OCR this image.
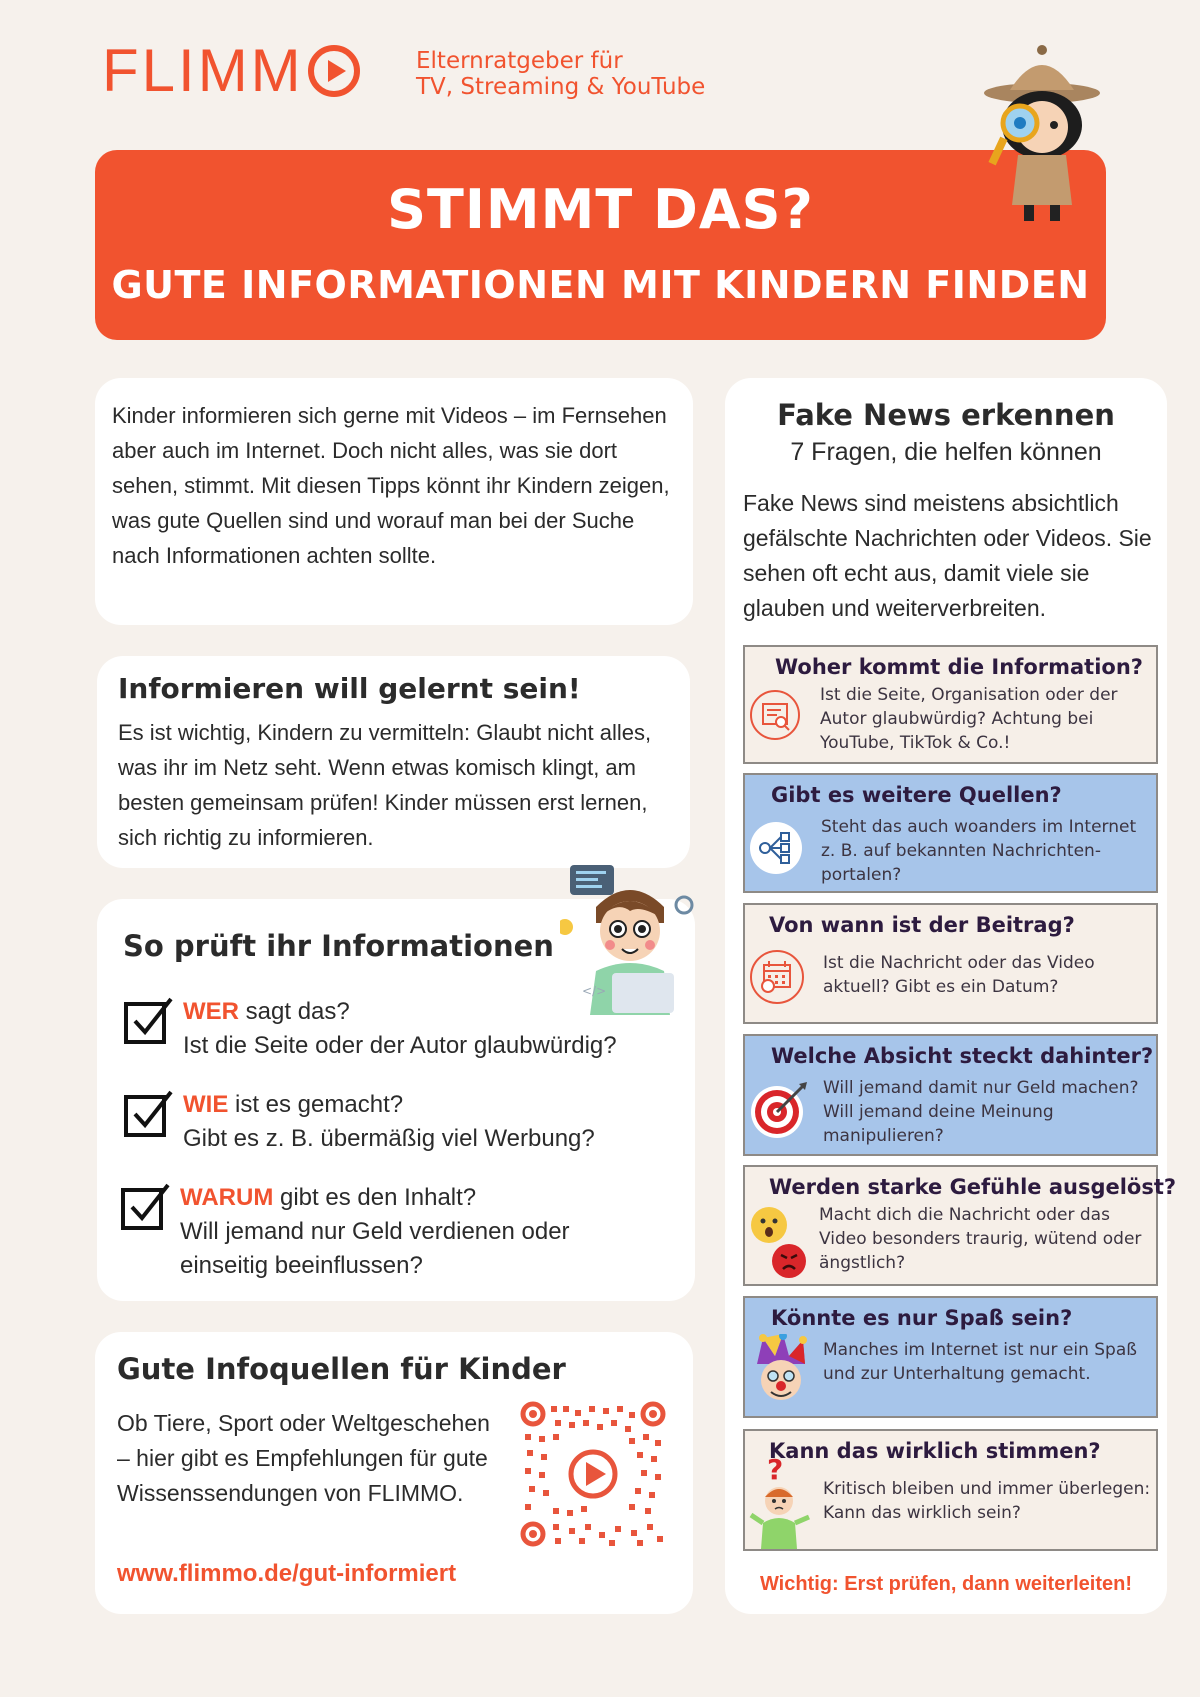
FLIMM	Elternratgeber für
TV, Streaming & YouTube
STIMMT DAS?
GUTE INFORMATIONEN MIT KINDERN FINDEN

Kinder informieren sich gerne mit Videos – im Fernsehen aber auch im Internet. Doch nicht alles, was sie dort sehen, stimmt. Mit diesen Tipps könnt ihr Kindern zeigen, was gute Quellen sind und worauf man bei der Suche nach Informationen achten sollte.

Informieren will gelernt sein!

Es ist wichtig, Kindern zu vermitteln: Glaubt nicht alles, was ihr im Netz seht. Wenn etwas komisch klingt, am besten gemeinsam prüfen! Kinder müssen erst lernen, sich richtig zu informieren.

So prüft ihr Informationen
WER sagt das?
Ist die Seite oder der Autor glaubwürdig?
WIE ist es gemacht?
Gibt es z. B. übermäßig viel Werbung?
WARUM gibt es den Inhalt?
Will jemand nur Geld verdienen oder einseitig beeinflussen?
</>
Gute Infoquellen für Kinder

Ob Tiere, Sport oder Weltgeschehen – hier gibt es Empfehlungen für gute Wissenssendungen von FLIMMO.

www.flimmo.de/gut-informiert
Fake News erkennen
7 Fragen, die helfen können
Fake News sind meistens absichtlich gefälschte Nachrichten oder Videos. Sie sehen oft echt aus, damit viele sie glauben und weiterverbreiten.
Woher kommt die Information?
Ist die Seite, Organisation oder der Autor glaubwürdig? Achtung bei YouTube, TikTok & Co.!
Gibt es weitere Quellen?
Steht das auch woanders im Internet z. B. auf bekannten Nachrichten-portalen?
Von wann ist der Beitrag?
Ist die Nachricht oder das Video aktuell? Gibt es ein Datum?
Welche Absicht steckt dahinter?
Will jemand damit nur Geld machen? Will jemand deine Meinung manipulieren?
Werden starke Gefühle ausgelöst?
Macht dich die Nachricht oder das Video besonders traurig, wütend oder ängstlich?
Könnte es nur Spaß sein?
Manches im Internet ist nur ein Spaß und zur Unterhaltung gemacht.
Kann das wirklich stimmen?
?
Kritisch bleiben und immer überlegen: Kann das wirklich sein?
Wichtig: Erst prüfen, dann weiterleiten!
